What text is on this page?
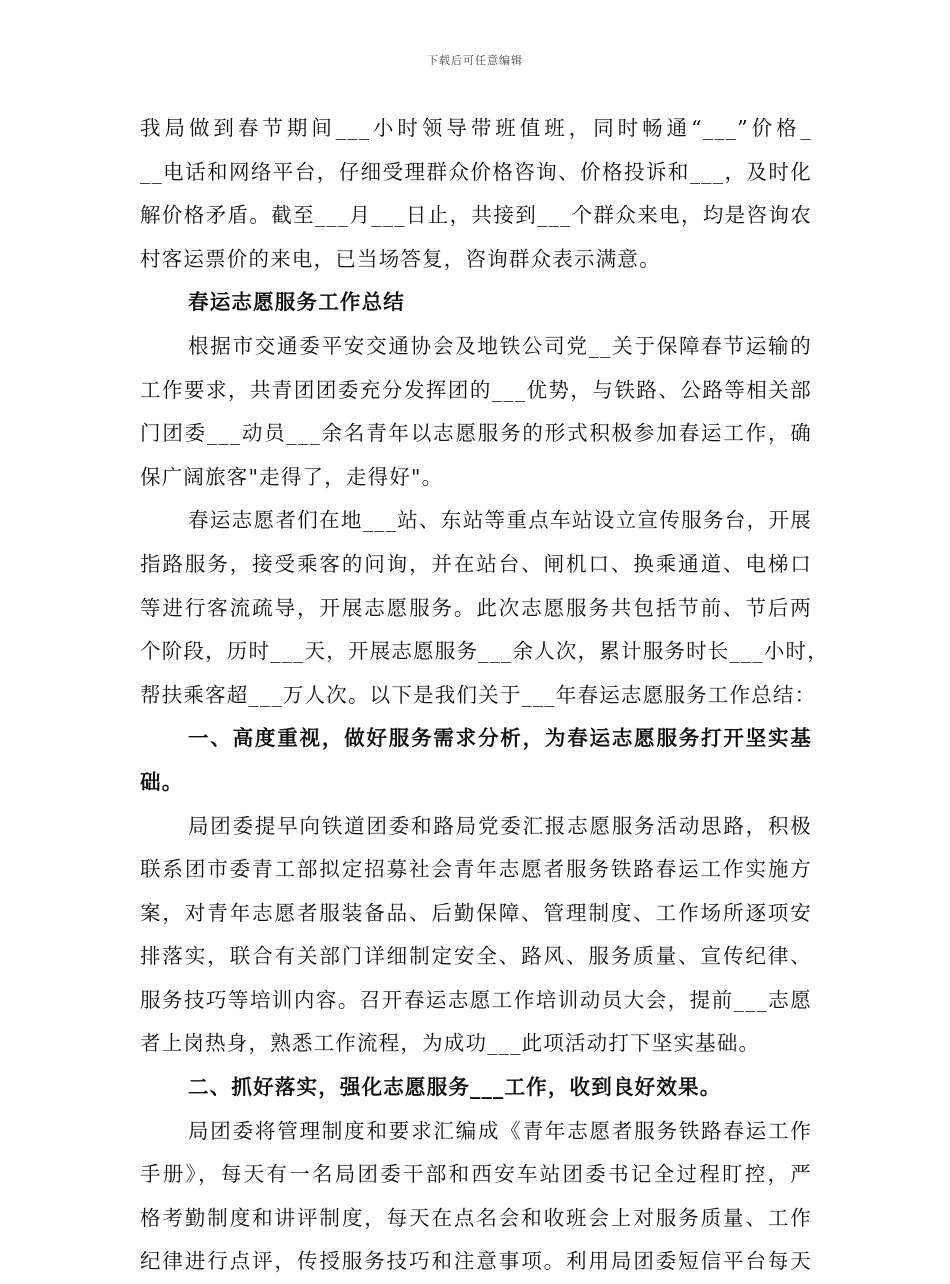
下载后可任意编辑
我局做到春节期间___小时领导带班值班，同时畅通“___”价格_
__电话和网络平台，仔细受理群众价格咨询、价格投诉和___，及时化
解价格矛盾。截至___月___日止，共接到___个群众来电，均是咨询农
村客运票价的来电，已当场答复，咨询群众表示满意。
春运志愿服务工作总结
根据市交通委平安交通协会及地铁公司党__关于保障春节运输的
工作要求，共青团团委充分发挥团的___优势，与铁路、公路等相关部
门团委___动员___余名青年以志愿服务的形式积极参加春运工作，确
保广阔旅客"走得了，走得好"。
春运志愿者们在地___站、东站等重点车站设立宣传服务台，开展
指路服务，接受乘客的问询，并在站台、闸机口、换乘通道、电梯口
等进行客流疏导，开展志愿服务。此次志愿服务共包括节前、节后两
个阶段，历时___天，开展志愿服务___余人次，累计服务时长___小时，
帮扶乘客超___万人次。以下是我们关于___年春运志愿服务工作总结：
一、高度重视，做好服务需求分析，为春运志愿服务打开坚实基
础。
局团委提早向铁道团委和路局党委汇报志愿服务活动思路，积极
联系团市委青工部拟定招募社会青年志愿者服务铁路春运工作实施方
案，对青年志愿者服装备品、后勤保障、管理制度、工作场所逐项安
排落实，联合有关部门详细制定安全、路风、服务质量、宣传纪律、
服务技巧等培训内容。召开春运志愿工作培训动员大会，提前___志愿
者上岗热身，熟悉工作流程，为成功___此项活动打下坚实基础。
二、抓好落实，强化志愿服务___工作，收到良好效果。
局团委将管理制度和要求汇编成《青年志愿者服务铁路春运工作
手册》，每天有一名局团委干部和西安车站团委书记全过程盯控，严
格考勤制度和讲评制度，每天在点名会和收班会上对服务质量、工作
纪律进行点评，传授服务技巧和注意事项。利用局团委短信平台每天
